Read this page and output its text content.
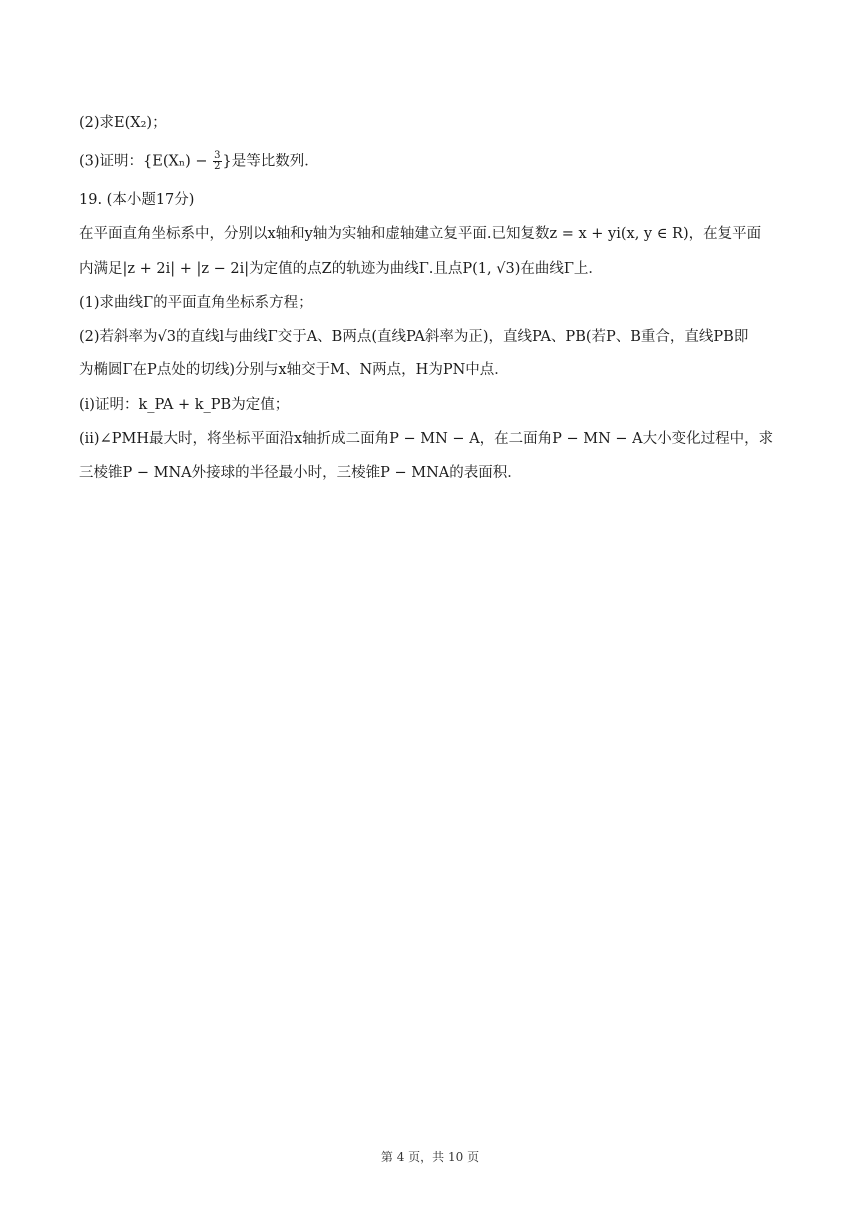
(2)求E(X₂)；
(3)证明：{$E(X_n) - \frac{3}{2}$ }是等比数列．
19. (本小题17分)
在平面直角坐标系中，分别以x轴和y轴为实轴和虚轴建立复平面.已知复数z = x + yi(x, y ∈ R)，在复平面
内满足|z + 2i| + |z − 2i|为定值的点Z的轨迹为曲线Γ.且点P(1, √3)在曲线Γ上．
(1)求曲线Γ的平面直角坐标系方程；
(2)若斜率为√3的直线l与曲线Γ交于A、B两点(直线PA斜率为正)，直线PA、PB(若P、B重合，直线PB即
为椭圆Γ在P点处的切线)分别与x轴交于M、N两点，H为PN中点．
(i)证明：k_PA + k_PB为定值；
(ii)∠PMH最大时，将坐标平面沿x轴折成二面角P − MN − A，在二面角P − MN − A大小变化过程中，求
三棱锥P − MNA外接球的半径最小时，三棱锥P − MNA的表面积．
第 4 页，共 10 页
